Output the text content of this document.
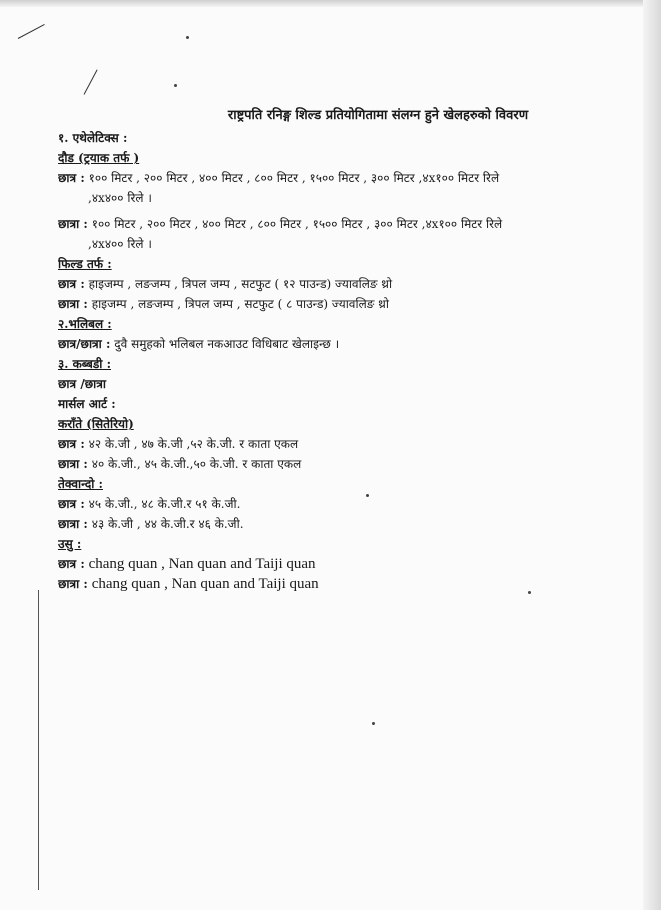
राष्ट्रपति रनिङ्ग शिल्ड प्रतियोगितामा संलग्न हुने खेलहरुको विवरण
१. एथेलेटिक्स :
दौड (ट्रयाक तर्फ )
छात्र : १०० मिटर , २०० मिटर , ४०० मिटर , ८०० मिटर , १५०० मिटर , ३०० मिटर ,४x१०० मिटर रिले
,४x४०० रिले ।
छात्रा : १०० मिटर , २०० मिटर , ४०० मिटर , ८०० मिटर , १५०० मिटर , ३०० मिटर ,४x१०० मिटर रिले
,४x४०० रिले ।
फिल्ड तर्फ :
छात्र : हाइजम्प , लङजम्प , त्रिपल जम्प , सटफुट ( १२ पाउन्ड) ज्यावलिङ थ्रो
छात्रा : हाइजम्प , लङजम्प , त्रिपल जम्प , सटफुट ( ८ पाउन्ड) ज्यावलिङ थ्रो
२.भलिबल :
छात्र/छात्रा : दुवै समुहको भलिबल नकआउट विधिबाट खेलाइन्छ ।
३. कब्बडी :
छात्र /छात्रा
मार्सल आर्ट :
कराँते (सितेरियो)
छात्र : ४२ के.जी , ४७ के.जी ,५२ के.जी. र काता एकल
छात्रा : ४० के.जी., ४५ के.जी.,५० के.जी. र काता एकल
तेक्वान्दो :
छात्र : ४५ के.जी., ४८ के.जी.र ५१ के.जी.
छात्रा : ४३ के.जी , ४४ के.जी.र ४६ के.जी.
उसु :
छात्र : chang quan , Nan quan and Taiji quan
छात्रा : chang quan , Nan quan and Taiji quan
